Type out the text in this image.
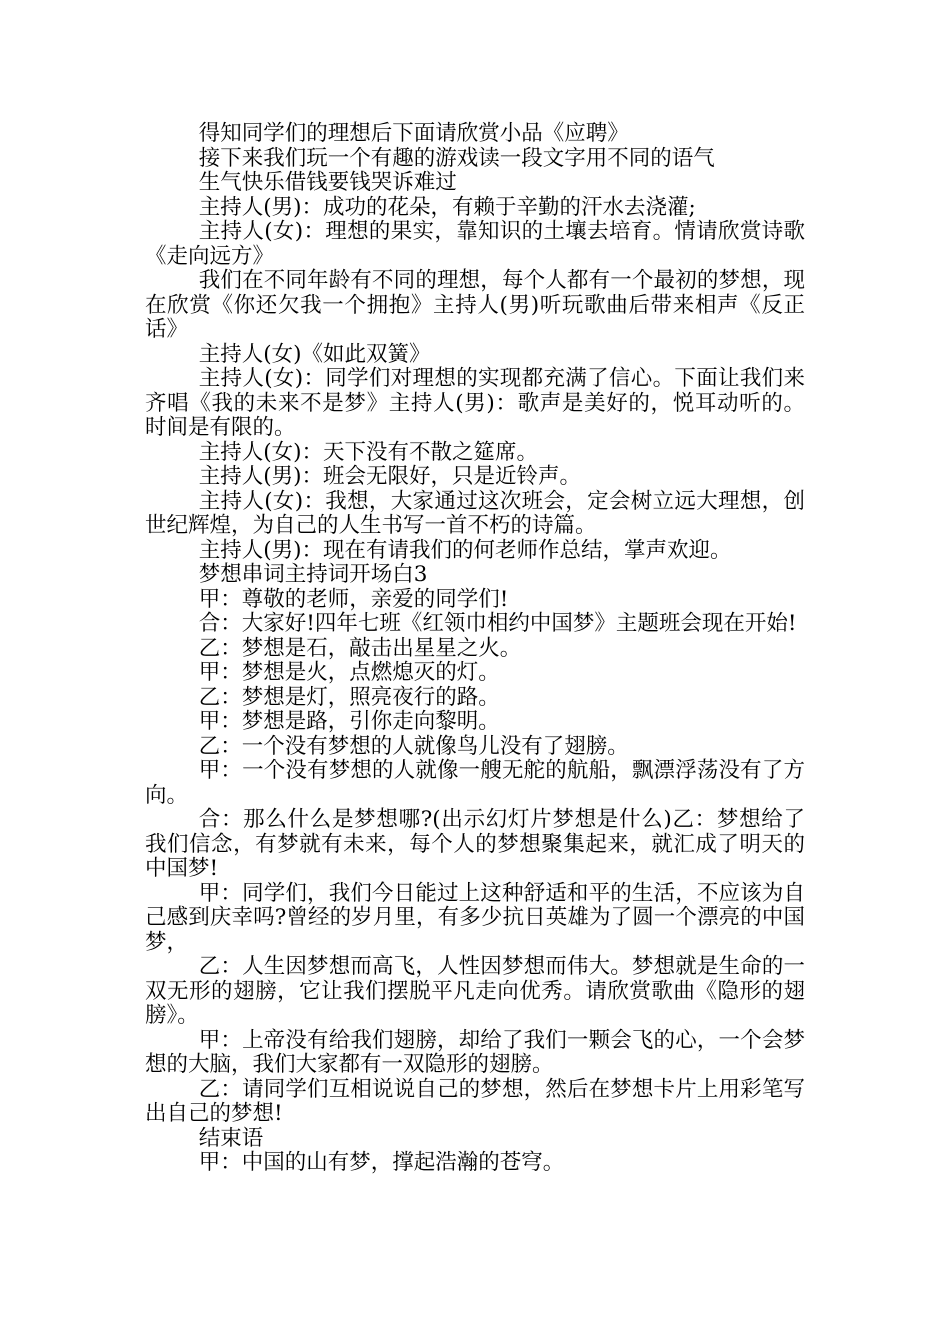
得知同学们的理想后下面请欣赏小品《应聘》

接下来我们玩一个有趣的游戏读一段文字用不同的语气

生气快乐借钱要钱哭诉难过

主持人(男)：成功的花朵，有赖于辛勤的汗水去浇灌;

主持人(女)：理想的果实，靠知识的土壤去培育。情请欣赏诗歌《走向远方》

我们在不同年龄有不同的理想，每个人都有一个最初的梦想，现在欣赏《你还欠我一个拥抱》主持人(男)听玩歌曲后带来相声《反正话》

主持人(女)《如此双簧》

主持人(女)：同学们对理想的实现都充满了信心。下面让我们来齐唱《我的未来不是梦》主持人(男)：歌声是美好的，悦耳动听的。时间是有限的。

主持人(女)：天下没有不散之筵席。

主持人(男)：班会无限好，只是近铃声。

主持人(女)：我想，大家通过这次班会，定会树立远大理想，创世纪辉煌，为自己的人生书写一首不朽的诗篇。

主持人(男)：现在有请我们的何老师作总结，掌声欢迎。

梦想串词主持词开场白3

甲：尊敬的老师，亲爱的同学们!

合：大家好!四年七班《红领巾相约中国梦》主题班会现在开始!

乙：梦想是石，敲击出星星之火。

甲：梦想是火，点燃熄灭的灯。

乙：梦想是灯，照亮夜行的路。

甲：梦想是路，引你走向黎明。

乙：一个没有梦想的人就像鸟儿没有了翅膀。

甲：一个没有梦想的人就像一艘无舵的航船，飘漂浮荡没有了方向。

合：那么什么是梦想哪?(出示幻灯片梦想是什么)乙：梦想给了我们信念，有梦就有未来，每个人的梦想聚集起来，就汇成了明天的中国梦!

甲：同学们，我们今日能过上这种舒适和平的生活，不应该为自己感到庆幸吗?曾经的岁月里，有多少抗日英雄为了圆一个漂亮的中国梦，

乙：人生因梦想而高飞，人性因梦想而伟大。梦想就是生命的一双无形的翅膀，它让我们摆脱平凡走向优秀。请欣赏歌曲《隐形的翅膀》。

甲：上帝没有给我们翅膀，却给了我们一颗会飞的心，一个会梦想的大脑，我们大家都有一双隐形的翅膀。

乙：请同学们互相说说自己的梦想，然后在梦想卡片上用彩笔写出自己的梦想!

结束语

甲：中国的山有梦，撑起浩瀚的苍穹。
